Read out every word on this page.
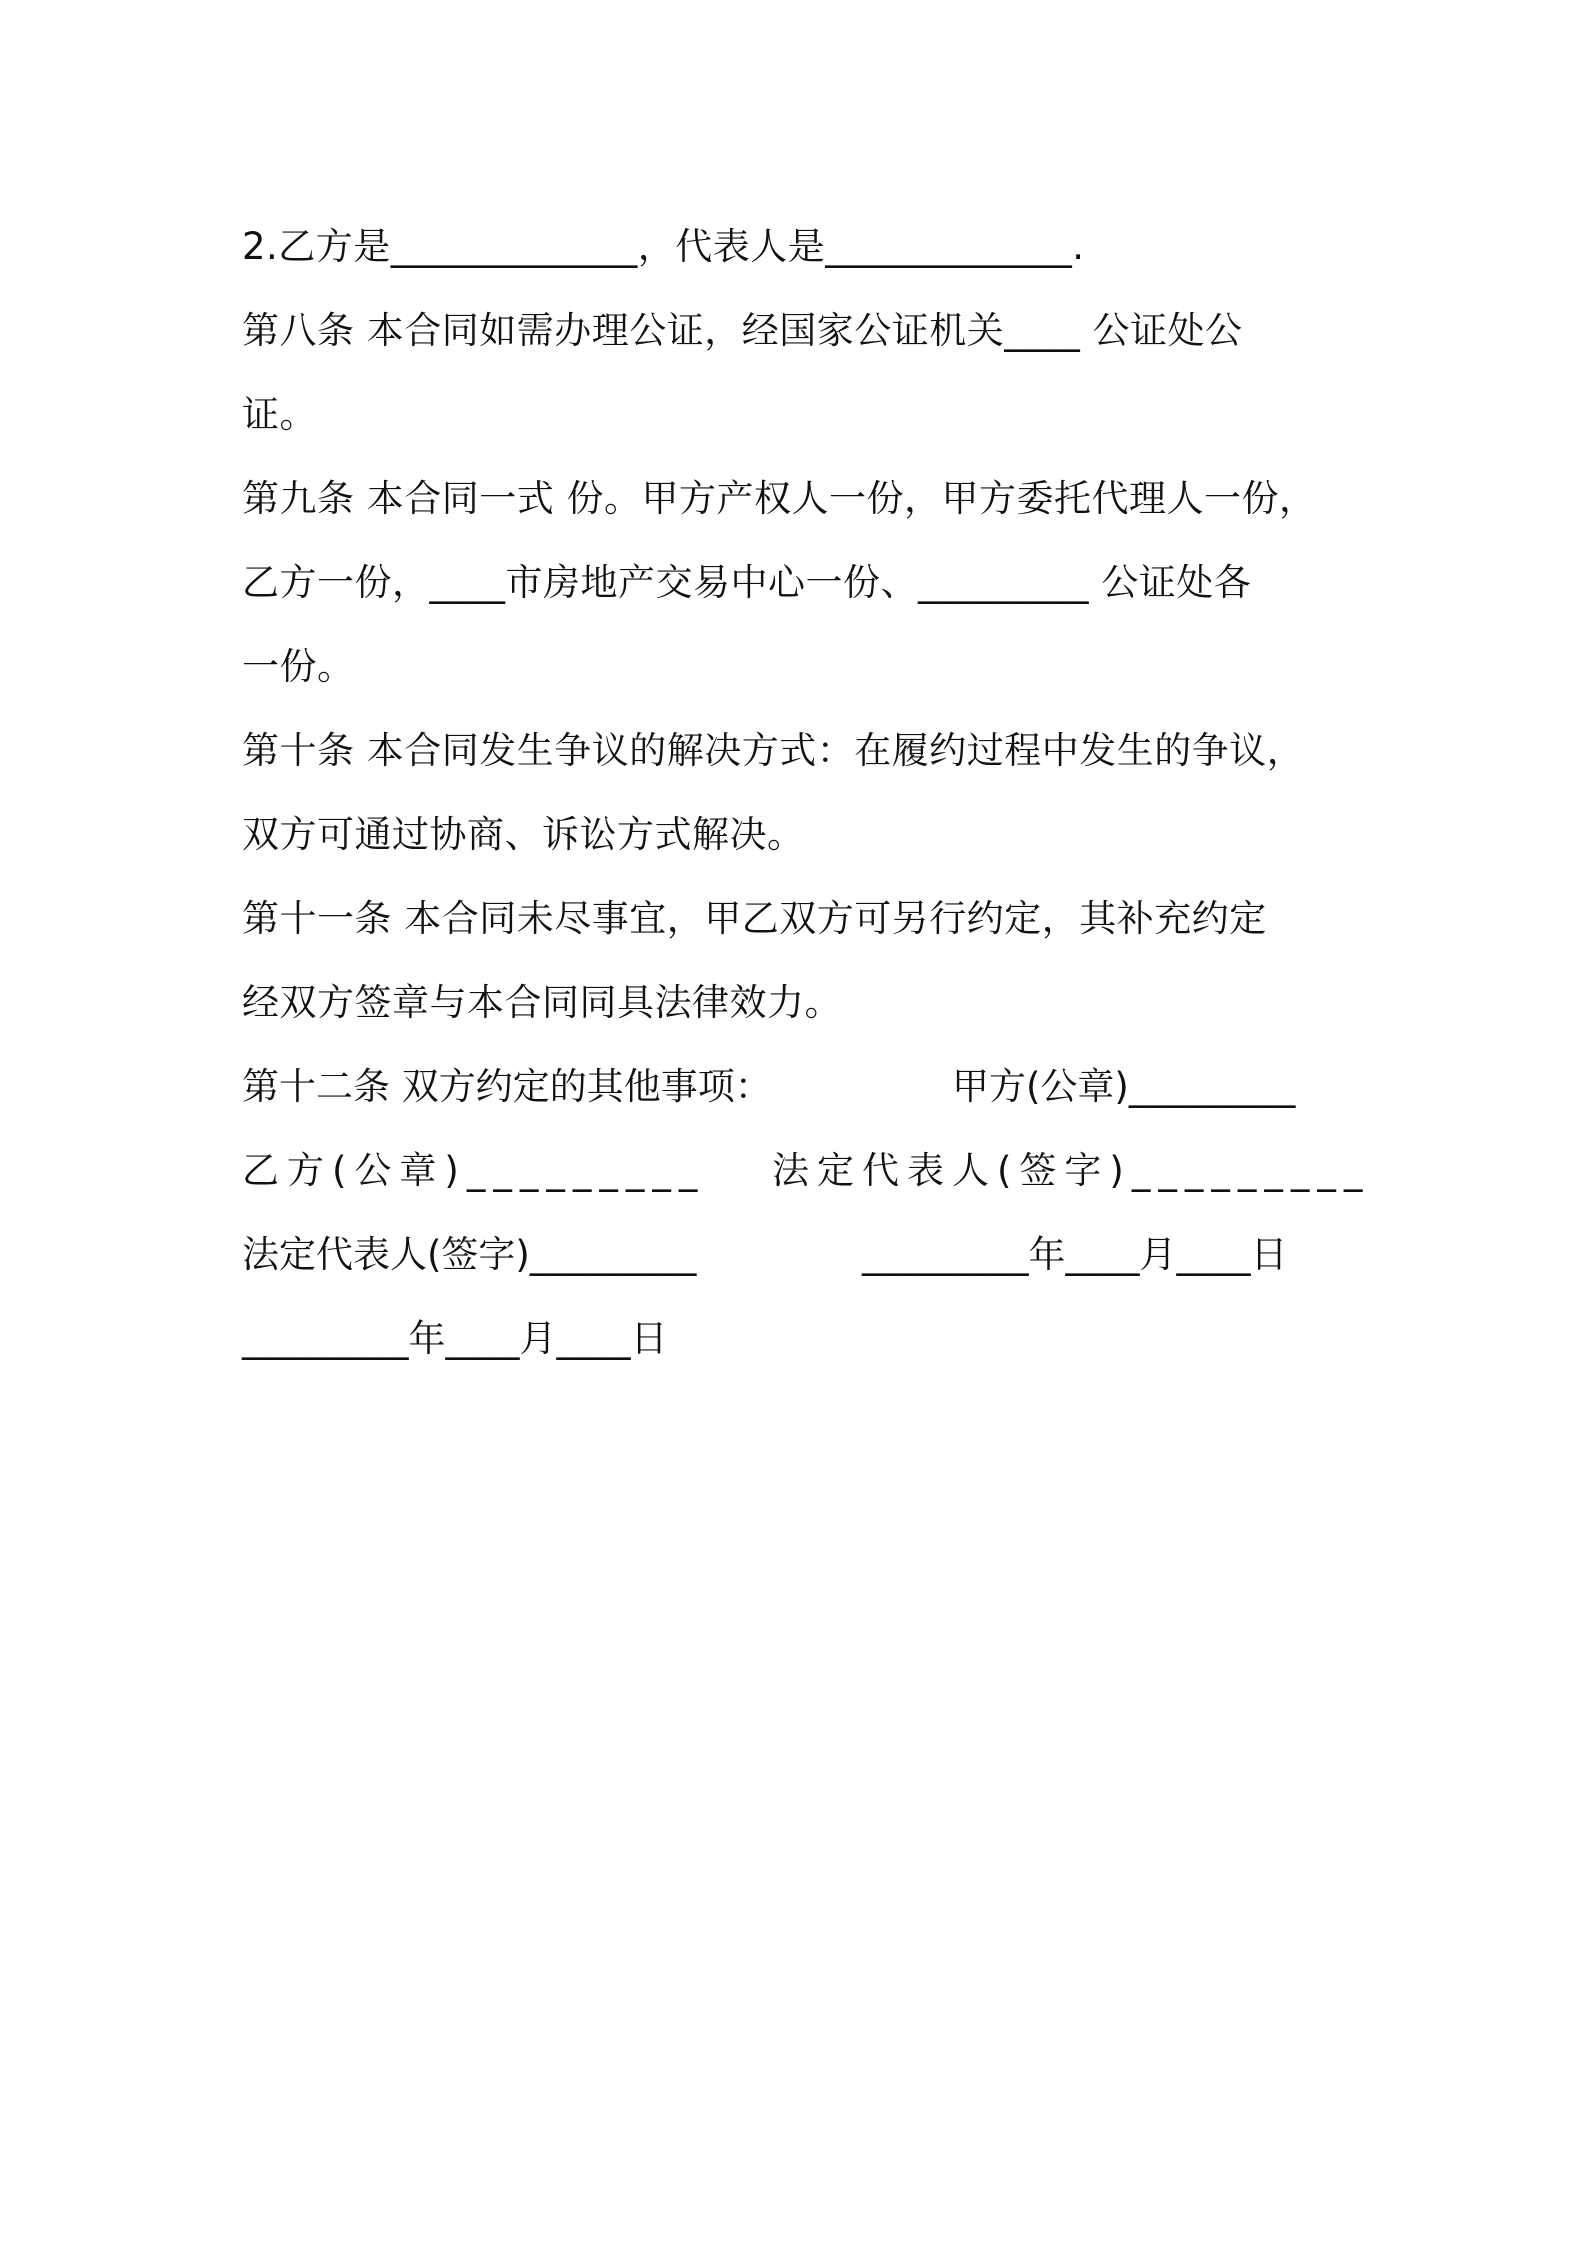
2.乙方是_____________，代表人是_____________.

第八条 本合同如需办理公证，经国家公证机关____ 公证处公

证。

第九条 本合同一式 份。甲方产权人一份，甲方委托代理人一份，

乙方一份，____市房地产交易中心一份、_________ 公证处各

一份。

第十条 本合同发生争议的解决方式：在履约过程中发生的争议，

双方可通过协商、诉讼方式解决。

第十一条 本合同未尽事宜，甲乙双方可另行约定，其补充约定

经双方签章与本合同同具法律效力。

第十二条 双方约定的其他事项：	甲方(公章)_________
乙方(公章)_________ 法定代表人(签字)_________
法定代表人(签字)_________	_________年____月____日
_________年____月____日
